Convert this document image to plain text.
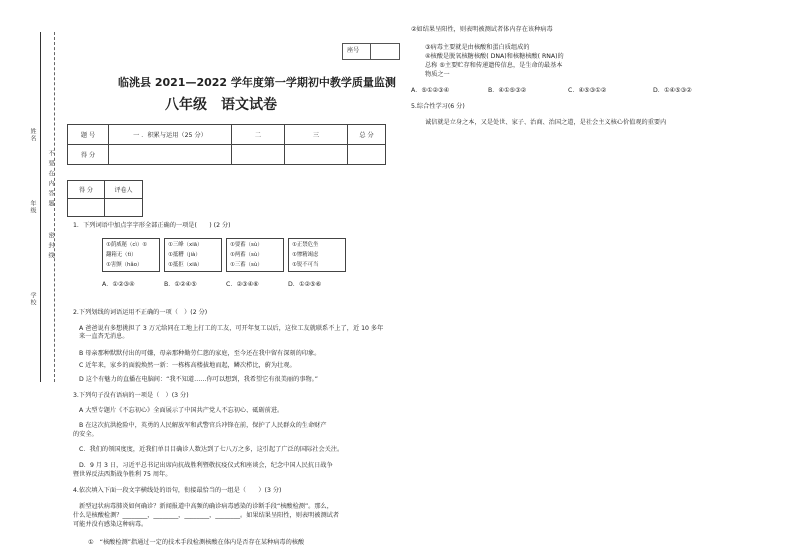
姓名
不
要
在
内
答
题
年级
密
封
线
学校
座号
临洮县 2021—2022 学年度第一学期初中教学质量监测
八年级　语文试卷
题 号	一 ．积累与运用（25 分）	二	三	总 分
得 分				
得 分	评卷人

1．下列词语中加点字字形全部正确的一项是(　　) (2 分)
①荫威秘（cì）①
翻箱无（tì）
①害颤（hǎo）
①三峰（xiā）
①抵糟（jià）
①抵拒（xiā）
①要蓄（sù）
①两蓄（sù）
①三蓄（sù）
①正禁危坐
①惨精竭虑
①锐不可当
A．①②③④	B．①②④⑤	C．②③④⑥	D．①②⑤⑥
2.下列划线的词语运用不正确的一项（　）(2 分)
A 爸爸说有多想挑担了 3 万元给同在工地上打工的工友，可开年复工以后，这位工友就联系不上了，近 10 多年来一直杳无消息。
B 母亲那种默默付出的可嫌，母亲那种勤劳仁慈的家庭，至今还在我中留有深刻的印象。
C 近年来，家乡的面貌焕然一新：一栋栋高楼拔地而起，鳞次栉比，蔚为壮观。
D 这个有魅力的直播在电脑间：“我不知道……你可以想到，我希望它有很美丽的事物。”
3.下列句子没有语病的一项是（　）(3 分)
A 大型专题片《不忘初心》全面展示了中国共产党人不忘初心、砥砺前进。
B 在这次抗洪抢险中，英勇的人民解放军和武警官兵冲锋在前，保护了人民群众的生命财产
的安全。
C．我们的领国度度，近我们单目目确诊人数达到了七八万之多，这引起了广泛的国际社会关注。
D．9 月 3 日，习近平总书记出席向抗战胜利暨敬抗疫仪式和座谈会，纪念中国人民抗日战争
暨世界反法西斯战争胜利 75 周年。
4.依次填入下面一段文字横线处的语句，衔接最恰当的一组是（　　）(3 分)
新型冠状病毒肺炎如何确诊？新闻报道中高频的确诊病毒感染的诊断手段“核酸检测”。那么，
什么是核酸检测？________，________，________，________。如果结果呈阳性，则表明被测试者
可能并没有感染这种病毒。
①　“核酸检测”指通过一定的技术手段检测核酸在体内是否存在某种病毒的核酸
②如结果呈阳性，则表明被测试者体内存在该种病毒
③病毒主要就是由核酸和蛋白质组成的
④核酸是脱氧核糖核酸( DNA)和核糖核酸( RNA)的
总称 ⑤主要贮存和传递遗传信息，是生命的最基本
物质之一
A．⑤①②③④	B．④①⑤③②	C．④⑤③①②	D．①④⑤③②
5.综合性学习(6 分)
诚信就是立身之本，又是处世、家子、治商、治国之道，是社会主义核心价值观的重要内
